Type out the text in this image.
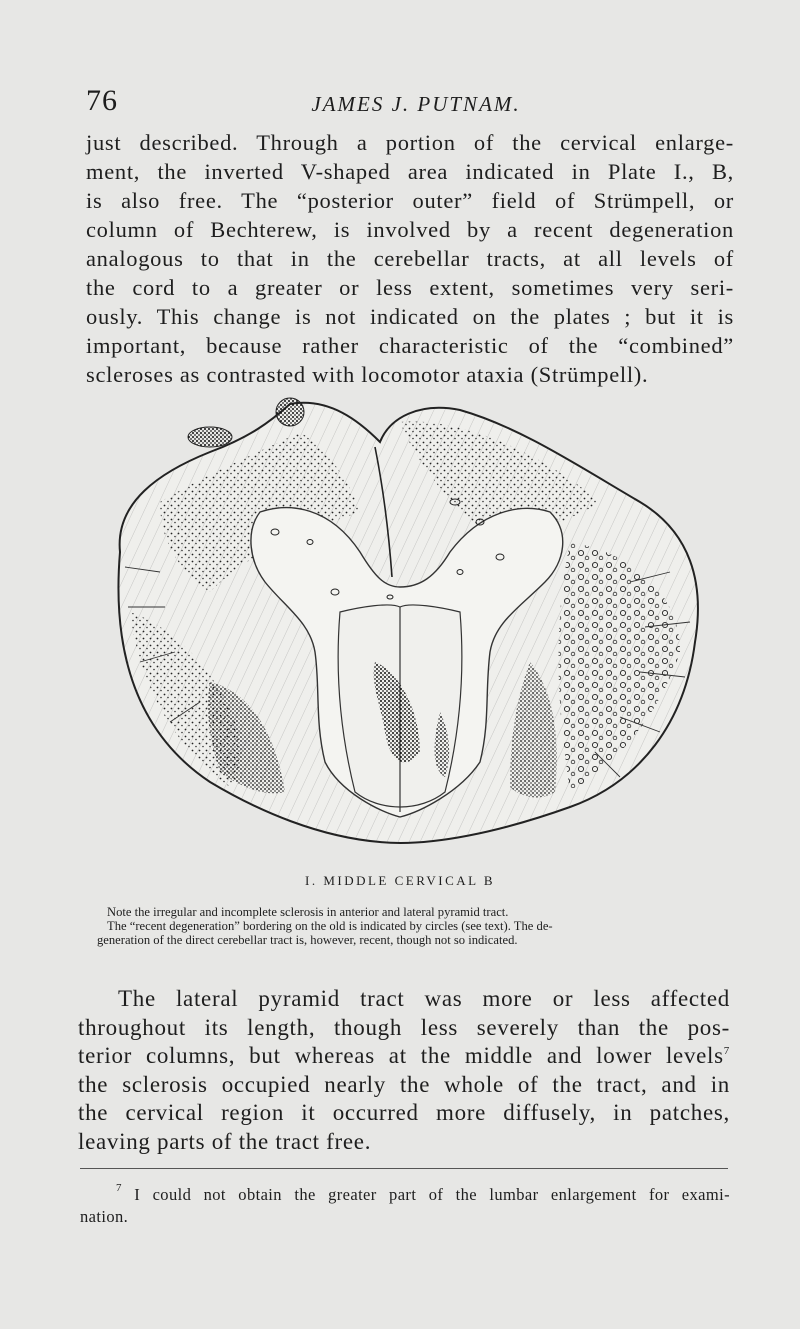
76	JAMES J. PUTNAM.
just described. Through a portion of the cervical enlarge-
ment, the inverted V-shaped area indicated in Plate I., B,
is also free. The “posterior outer” field of Strümpell, or
column of Bechterew, is involved by a recent degeneration
analogous to that in the cerebellar tracts, at all levels of
the cord to a greater or less extent, sometimes very seri-
ously. This change is not indicated on the plates ; but it is
important, because rather characteristic of the “combined”
scleroses as contrasted with locomotor ataxia (Strümpell).
I. MIDDLE CERVICAL B
Note the irregular and incomplete sclerosis in anterior and lateral pyramid tract.
The “recent degeneration” bordering on the old is indicated by circles (see text). The de-
generation of the direct cerebellar tract is, however, recent, though not so indicated.
The lateral pyramid tract was more or less affected
throughout its length, though less severely than the pos-
terior columns, but whereas at the middle and lower levels$^7$
the sclerosis occupied nearly the whole of the tract, and in
the cervical region it occurred more diffusely, in patches,
leaving parts of the tract free.
$^7$ I could not obtain the greater part of the lumbar enlargement for exami-
nation.
